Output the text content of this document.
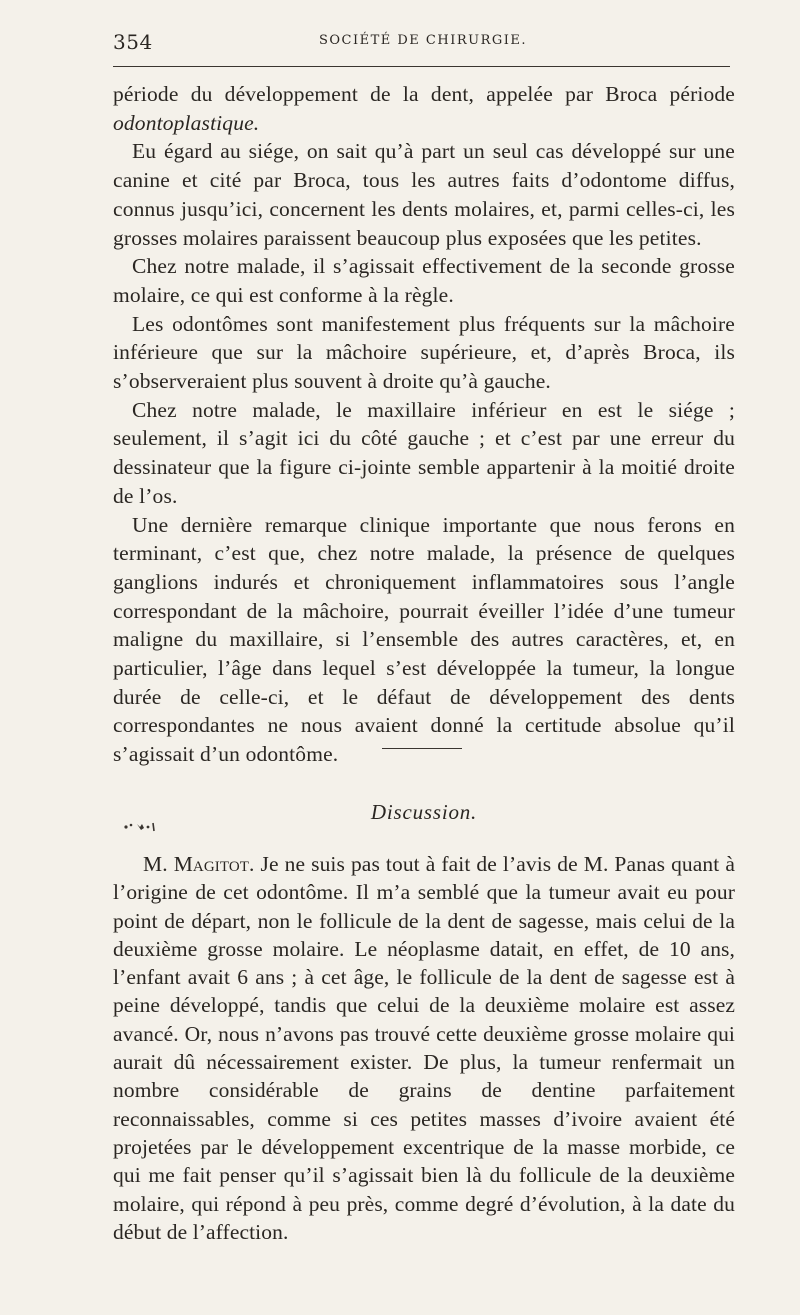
354	SOCIÉTÉ DE CHIRURGIE.

période du développement de la dent, appelée par Broca période odontoplastique.

Eu égard au siége, on sait qu’à part un seul cas développé sur une canine et cité par Broca, tous les autres faits d’odontome diffus, connus jusqu’ici, concernent les dents molaires, et, parmi celles-ci, les grosses molaires paraissent beaucoup plus exposées que les petites.

Chez notre malade, il s’agissait effectivement de la seconde grosse molaire, ce qui est conforme à la règle.

Les odontômes sont manifestement plus fréquents sur la mâchoire inférieure que sur la mâchoire supérieure, et, d’après Broca, ils s’observeraient plus souvent à droite qu’à gauche.

Chez notre malade, le maxillaire inférieur en est le siége ; seulement, il s’agit ici du côté gauche ; et c’est par une erreur du dessinateur que la figure ci-jointe semble appartenir à la moitié droite de l’os.

Une dernière remarque clinique importante que nous ferons en terminant, c’est que, chez notre malade, la présence de quelques ganglions indurés et chroniquement inflammatoires sous l’angle correspondant de la mâchoire, pourrait éveiller l’idée d’une tumeur maligne du maxillaire, si l’ensemble des autres caractères, et, en particulier, l’âge dans lequel s’est développée la tumeur, la longue durée de celle-ci, et le défaut de développement des dents correspondantes ne nous avaient donné la certitude absolue qu’il s’agissait d’un odontôme.

Discussion.

M. Magitot. Je ne suis pas tout à fait de l’avis de M. Panas quant à l’origine de cet odontôme. Il m’a semblé que la tumeur avait eu pour point de départ, non le follicule de la dent de sagesse, mais celui de la deuxième grosse molaire. Le néoplasme datait, en effet, de 10 ans, l’enfant avait 6 ans ; à cet âge, le follicule de la dent de sagesse est à peine développé, tandis que celui de la deuxième molaire est assez avancé. Or, nous n’avons pas trouvé cette deuxième grosse molaire qui aurait dû nécessairement exister. De plus, la tumeur renfermait un nombre considérable de grains de dentine parfaitement reconnaissables, comme si ces petites masses d’ivoire avaient été projetées par le développement excentrique de la masse morbide, ce qui me fait penser qu’il s’agissait bien là du follicule de la deuxième molaire, qui répond à peu près, comme degré d’évolution, à la date du début de l’affection.
